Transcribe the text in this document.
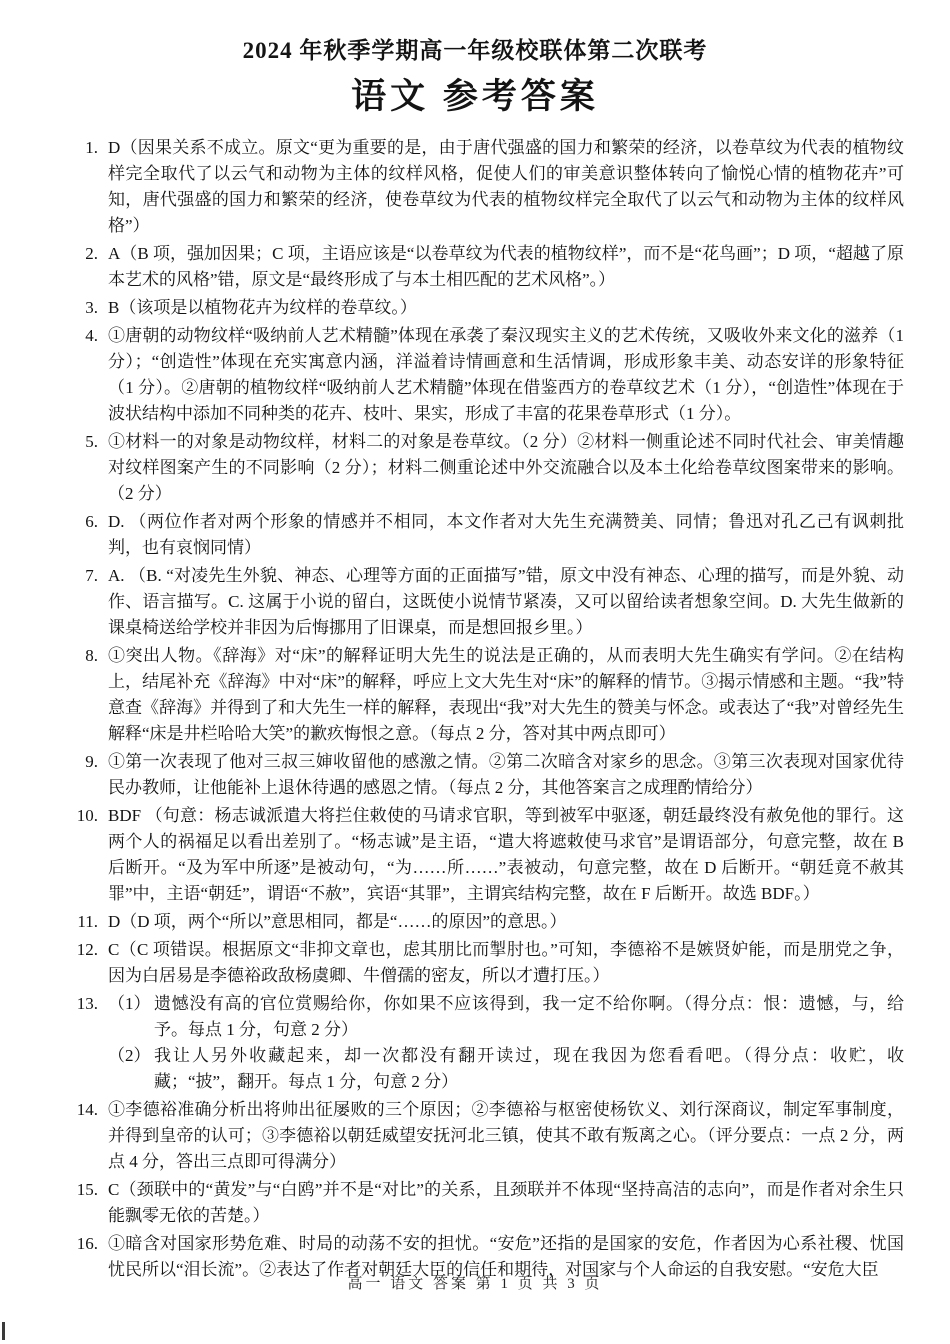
2024 年秋季学期高一年级校联体第二次联考
语文 参考答案
1. D（因果关系不成立。原文“更为重要的是，由于唐代强盛的国力和繁荣的经济，以卷草纹为代表的植物纹样完全取代了以云气和动物为主体的纹样风格，促使人们的审美意识整体转向了愉悦心情的植物花卉”可知，唐代强盛的国力和繁荣的经济，使卷草纹为代表的植物纹样完全取代了以云气和动物为主体的纹样风格”）
2. A（B 项，强加因果；C 项，主语应该是“以卷草纹为代表的植物纹样”，而不是“花鸟画”；D 项，“超越了原本艺术的风格”错，原文是“最终形成了与本土相匹配的艺术风格”。）
3. B（该项是以植物花卉为纹样的卷草纹。）
4. ①唐朝的动物纹样“吸纳前人艺术精髓”体现在承袭了秦汉现实主义的艺术传统，又吸收外来文化的滋养（1 分）；“创造性”体现在充实寓意内涵，洋溢着诗情画意和生活情调，形成形象丰美、动态安详的形象特征（1 分）。②唐朝的植物纹样“吸纳前人艺术精髓”体现在借鉴西方的卷草纹艺术（1 分），“创造性”体现在于波状结构中添加不同种类的花卉、枝叶、果实，形成了丰富的花果卷草形式（1 分）。
5. ①材料一的对象是动物纹样，材料二的对象是卷草纹。（2 分）②材料一侧重论述不同时代社会、审美情趣对纹样图案产生的不同影响（2 分）；材料二侧重论述中外交流融合以及本土化给卷草纹图案带来的影响。（2 分）
6. D. （两位作者对两个形象的情感并不相同，本文作者对大先生充满赞美、同情；鲁迅对孔乙己有讽刺批判，也有哀悯同情）
7. A. （B. “对凌先生外貌、神态、心理等方面的正面描写”错，原文中没有神态、心理的描写，而是外貌、动作、语言描写。C. 这属于小说的留白，这既使小说情节紧凑，又可以留给读者想象空间。D. 大先生做新的课桌椅送给学校并非因为后悔挪用了旧课桌，而是想回报乡里。）
8. ①突出人物。《辞海》对“床”的解释证明大先生的说法是正确的，从而表明大先生确实有学问。②在结构上，结尾补充《辞海》中对“床”的解释，呼应上文大先生对“床”的解释的情节。③揭示情感和主题。“我”特意查《辞海》并得到了和大先生一样的解释，表现出“我”对大先生的赞美与怀念。或表达了“我”对曾经先生解释“床是井栏哈哈大笑”的歉疚悔恨之意。（每点 2 分，答对其中两点即可）
9. ①第一次表现了他对三叔三婶收留他的感激之情。②第二次暗含对家乡的思念。③第三次表现对国家优待民办教师，让他能补上退休待遇的感恩之情。（每点 2 分，其他答案言之成理酌情给分）
10. BDF （句意：杨志诚派遣大将拦住敕使的马请求官职，等到被军中驱逐，朝廷最终没有赦免他的罪行。这两个人的祸福足以看出差别了。“杨志诚”是主语，“遣大将遮敕使马求官”是谓语部分，句意完整，故在 B 后断开。“及为军中所逐”是被动句，“为……所……”表被动，句意完整，故在 D 后断开。“朝廷竟不赦其罪”中，主语“朝廷”，谓语“不赦”，宾语“其罪”，主谓宾结构完整，故在 F 后断开。故选 BDF。）
11. D（D 项，两个“所以”意思相同，都是“……的原因”的意思。）
12. C（C 项错误。根据原文“非抑文章也，虑其朋比而掣肘也。”可知，李德裕不是嫉贤妒能，而是朋党之争，因为白居易是李德裕政敌杨虞卿、牛僧孺的密友，所以才遭打压。）
13. （1） 遗憾没有高的官位赏赐给你，你如果不应该得到，我一定不给你啊。（得分点：恨：遗憾，与，给予。每点 1 分，句意 2 分）
（2） 我让人另外收藏起来，却一次都没有翻开读过，现在我因为您看看吧。（得分点：收贮，收藏；“披”，翻开。每点 1 分，句意 2 分）
14. ①李德裕准确分析出将帅出征屡败的三个原因；②李德裕与枢密使杨钦义、刘行深商议，制定军事制度，并得到皇帝的认可；③李德裕以朝廷威望安抚河北三镇，使其不敢有叛离之心。（评分要点：一点 2 分，两点 4 分，答出三点即可得满分）
15. C（颈联中的“黄发”与“白鸥”并不是“对比”的关系，且颈联并不体现“坚持高洁的志向”，而是作者对余生只能飘零无依的苦楚。）
16. ①暗含对国家形势危难、时局的动荡不安的担忧。“安危”还指的是国家的安危，作者因为心系社稷、忧国忧民所以“泪长流”。②表达了作者对朝廷大臣的信任和期待，对国家与个人命运的自我安慰。“安危大臣
高一 语文 答案 第 1 页 共 3 页
